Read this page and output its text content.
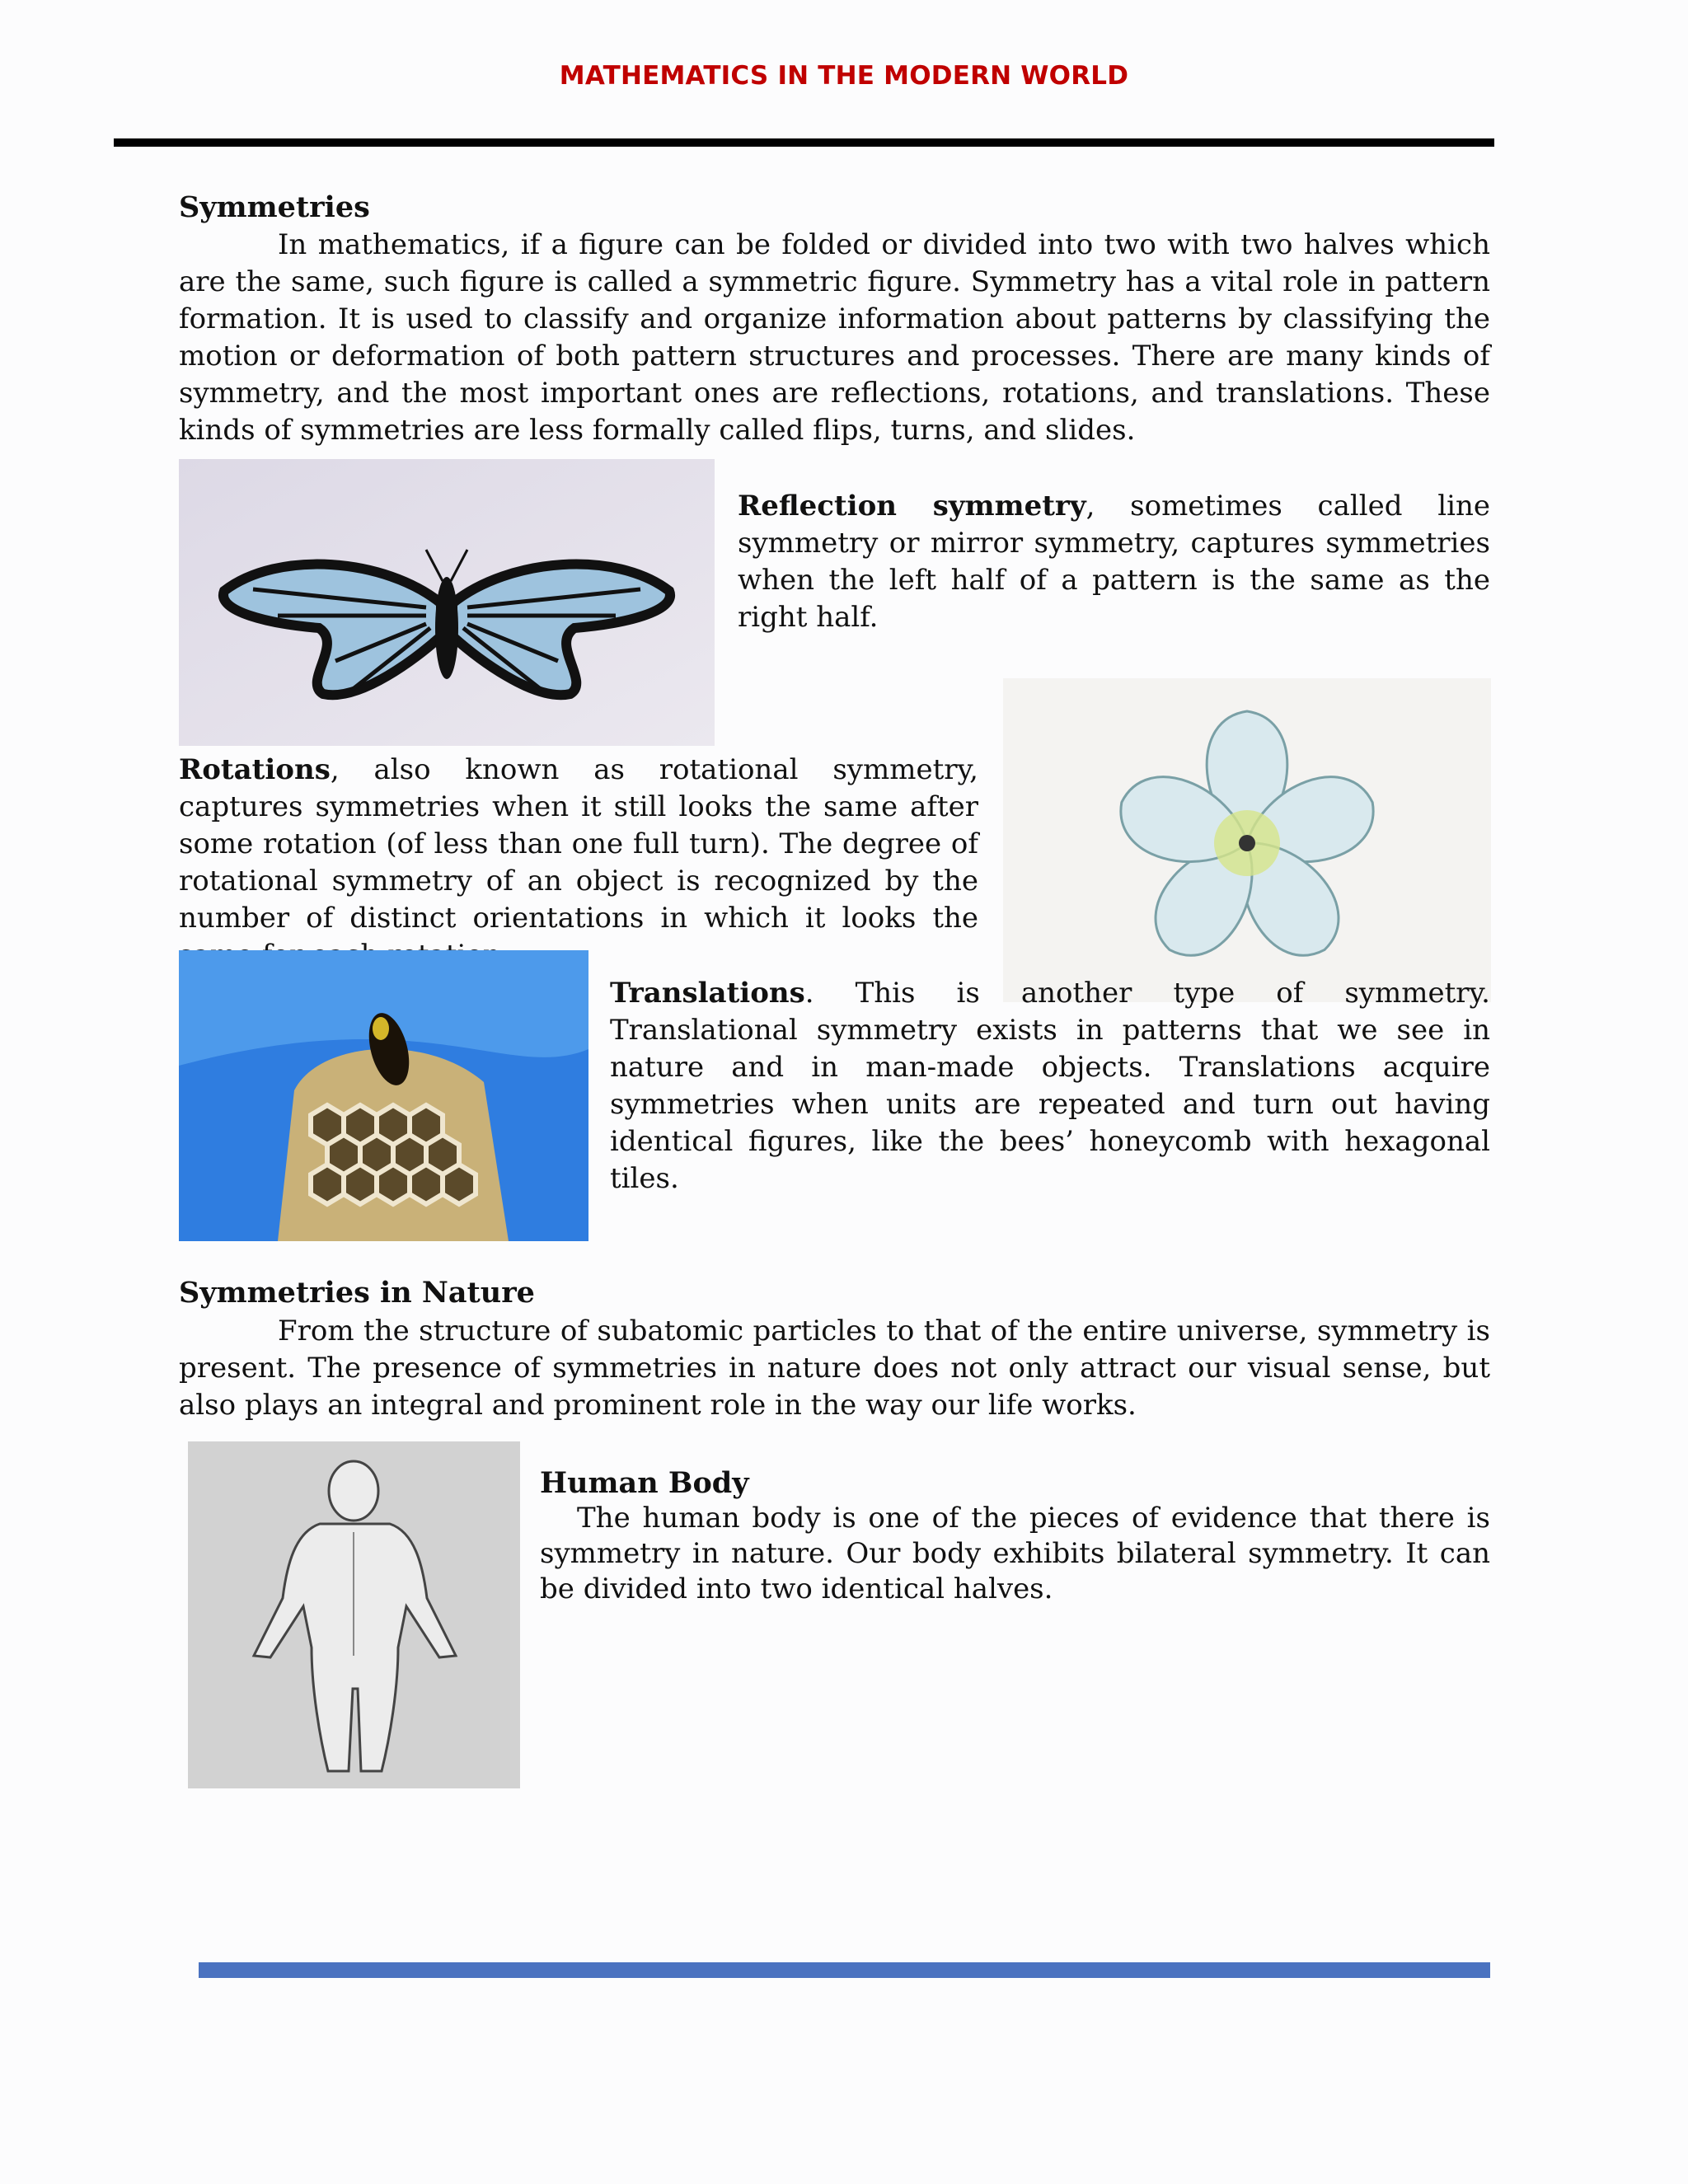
MATHEMATICS IN THE MODERN WORLD
Symmetries
In mathematics, if a figure can be folded or divided into two with two halves which are the same, such figure is called a symmetric figure. Symmetry has a vital role in pattern formation. It is used to classify and organize information about patterns by classifying the motion or deformation of both pattern structures and processes. There are many kinds of symmetry, and the most important ones are reflections, rotations, and translations. These kinds of symmetries are less formally called flips, turns, and slides.
Reflection symmetry, sometimes called line symmetry or mirror symmetry, captures symmetries when the left half of a pattern is the same as the right half.
Rotations, also known as rotational symmetry, captures symmetries when it still looks the same after some rotation (of less than one full turn). The degree of rotational symmetry of an object is recognized by the number of distinct orientations in which it looks the
Translations. This is another type of symmetry. Translational symmetry exists in patterns that we see in nature and in man-made objects. Translations acquire symmetries when units are repeated and turn out having identical figures, like the bees’ honeycomb with hexagonal tiles.
Symmetries in Nature
From the structure of subatomic particles to that of the entire universe, symmetry is present. The presence of symmetries in nature does not only attract our visual sense, but also plays an integral and prominent role in the way our life works.
Human Body
The human body is one of the pieces of evidence that there is symmetry in nature. Our body exhibits bilateral symmetry. It can be divided into two identical halves.
